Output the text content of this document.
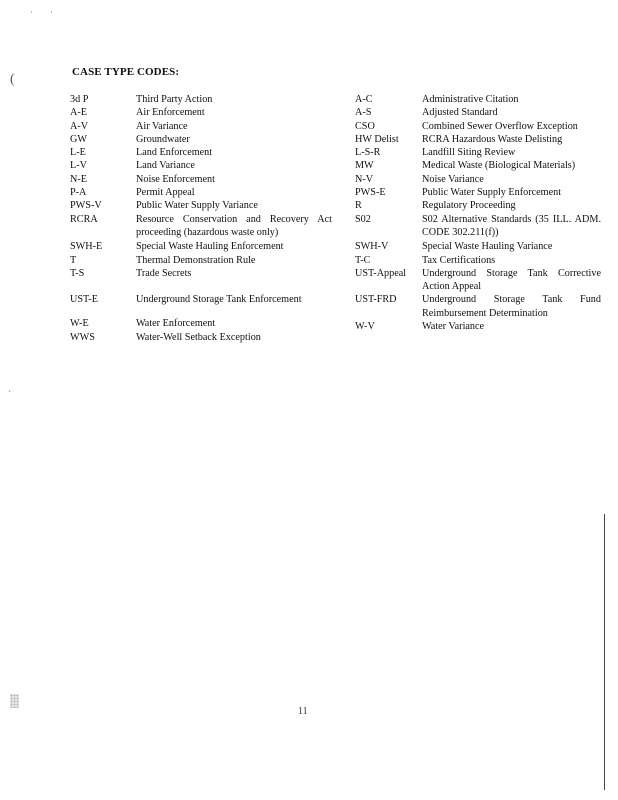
ˈ ˈ
(
ˏ
CASE TYPE CODES:
3d P	Third Party Action
A-E	Air Enforcement
A-V	Air Variance
GW	Groundwater
L-E	Land Enforcement
L-V	Land Variance
N-E	Noise Enforcement
P-A	Permit Appeal
PWS-V	Public Water Supply Variance
RCRA	Resource Conservation and Recovery Act proceeding (hazardous waste only)
SWH-E	Special Waste Hauling Enforcement
T	Thermal Demonstration Rule
T-S	Trade Secrets
UST-E	Underground Storage Tank Enforcement
W-E	Water Enforcement
WWS	Water-Well Setback Exception
A-C	Administrative Citation
A-S	Adjusted Standard
CSO	Combined Sewer Overflow Exception
HW Delist	RCRA Hazardous Waste Delisting
L-S-R	Landfill Siting Review
MW	Medical Waste (Biological Materials)
N-V	Noise Variance
PWS-E	Public Water Supply Enforcement
R	Regulatory Proceeding
S02	S02 Alternative Standards (35 ILL. ADM. CODE 302.211(f))
SWH-V	Special Waste Hauling Variance
T-C	Tax Certifications
UST-Appeal	Underground Storage Tank Corrective Action Appeal
UST-FRD	Underground Storage Tank Fund Reimbursement Determination
W-V	Water Variance
11
